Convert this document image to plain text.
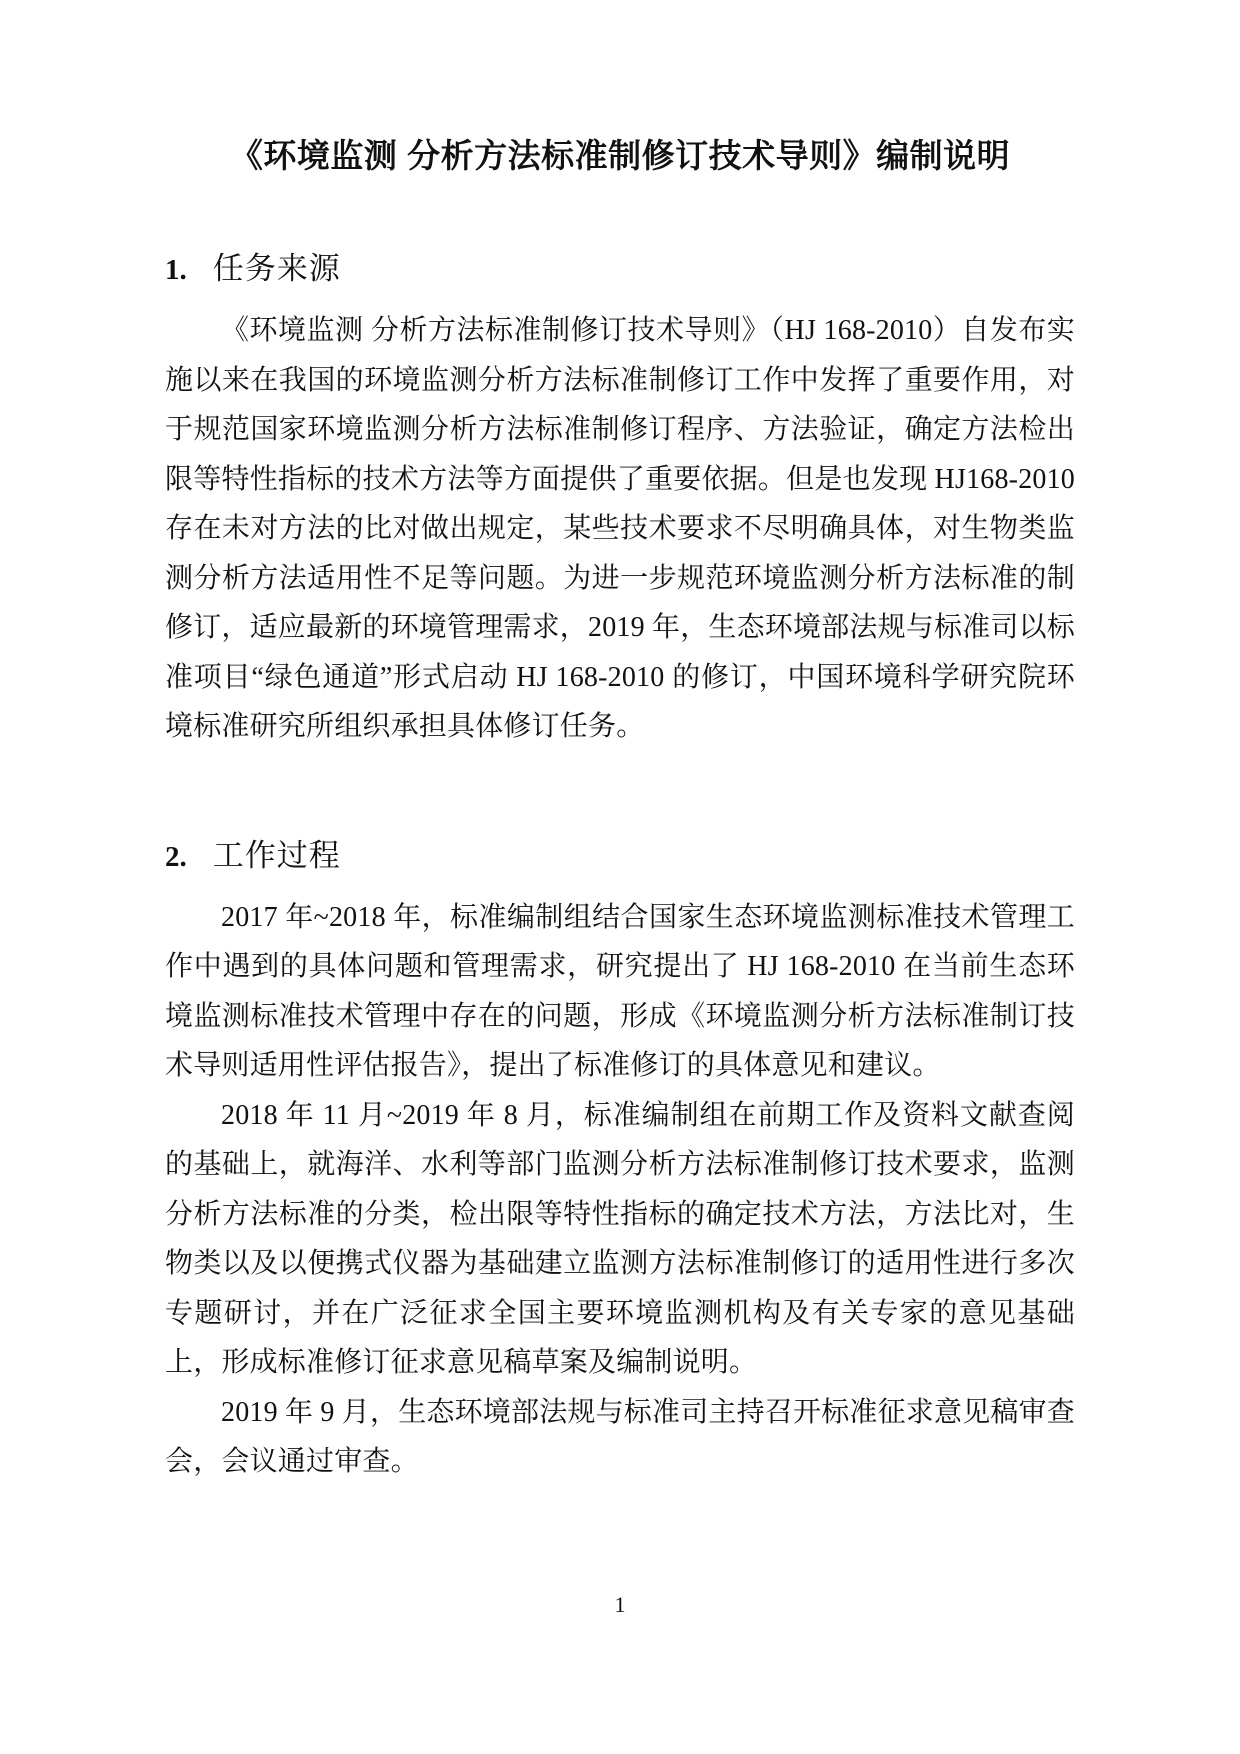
《环境监测 分析方法标准制修订技术导则》编制说明
1. 任务来源

《环境监测 分析方法标准制修订技术导则》（HJ 168-2010）自发布实施以来在我国的环境监测分析方法标准制修订工作中发挥了重要作用，对于规范国家环境监测分析方法标准制修订程序、方法验证，确定方法检出限等特性指标的技术方法等方面提供了重要依据。但是也发现 HJ168-2010 存在未对方法的比对做出规定，某些技术要求不尽明确具体，对生物类监测分析方法适用性不足等问题。为进一步规范环境监测分析方法标准的制修订，适应最新的环境管理需求，2019 年，生态环境部法规与标准司以标准项目“绿色通道”形式启动 HJ 168-2010 的修订，中国环境科学研究院环境标准研究所组织承担具体修订任务。

2. 工作过程

2017 年~2018 年，标准编制组结合国家生态环境监测标准技术管理工作中遇到的具体问题和管理需求，研究提出了 HJ 168-2010 在当前生态环境监测标准技术管理中存在的问题，形成《环境监测分析方法标准制订技术导则适用性评估报告》，提出了标准修订的具体意见和建议。

2018 年 11 月~2019 年 8 月，标准编制组在前期工作及资料文献查阅的基础上，就海洋、水利等部门监测分析方法标准制修订技术要求，监测分析方法标准的分类，检出限等特性指标的确定技术方法，方法比对，生物类以及以便携式仪器为基础建立监测方法标准制修订的适用性进行多次专题研讨，并在广泛征求全国主要环境监测机构及有关专家的意见基础上，形成标准修订征求意见稿草案及编制说明。

2019 年 9 月，生态环境部法规与标准司主持召开标准征求意见稿审查会，会议通过审查。

1
